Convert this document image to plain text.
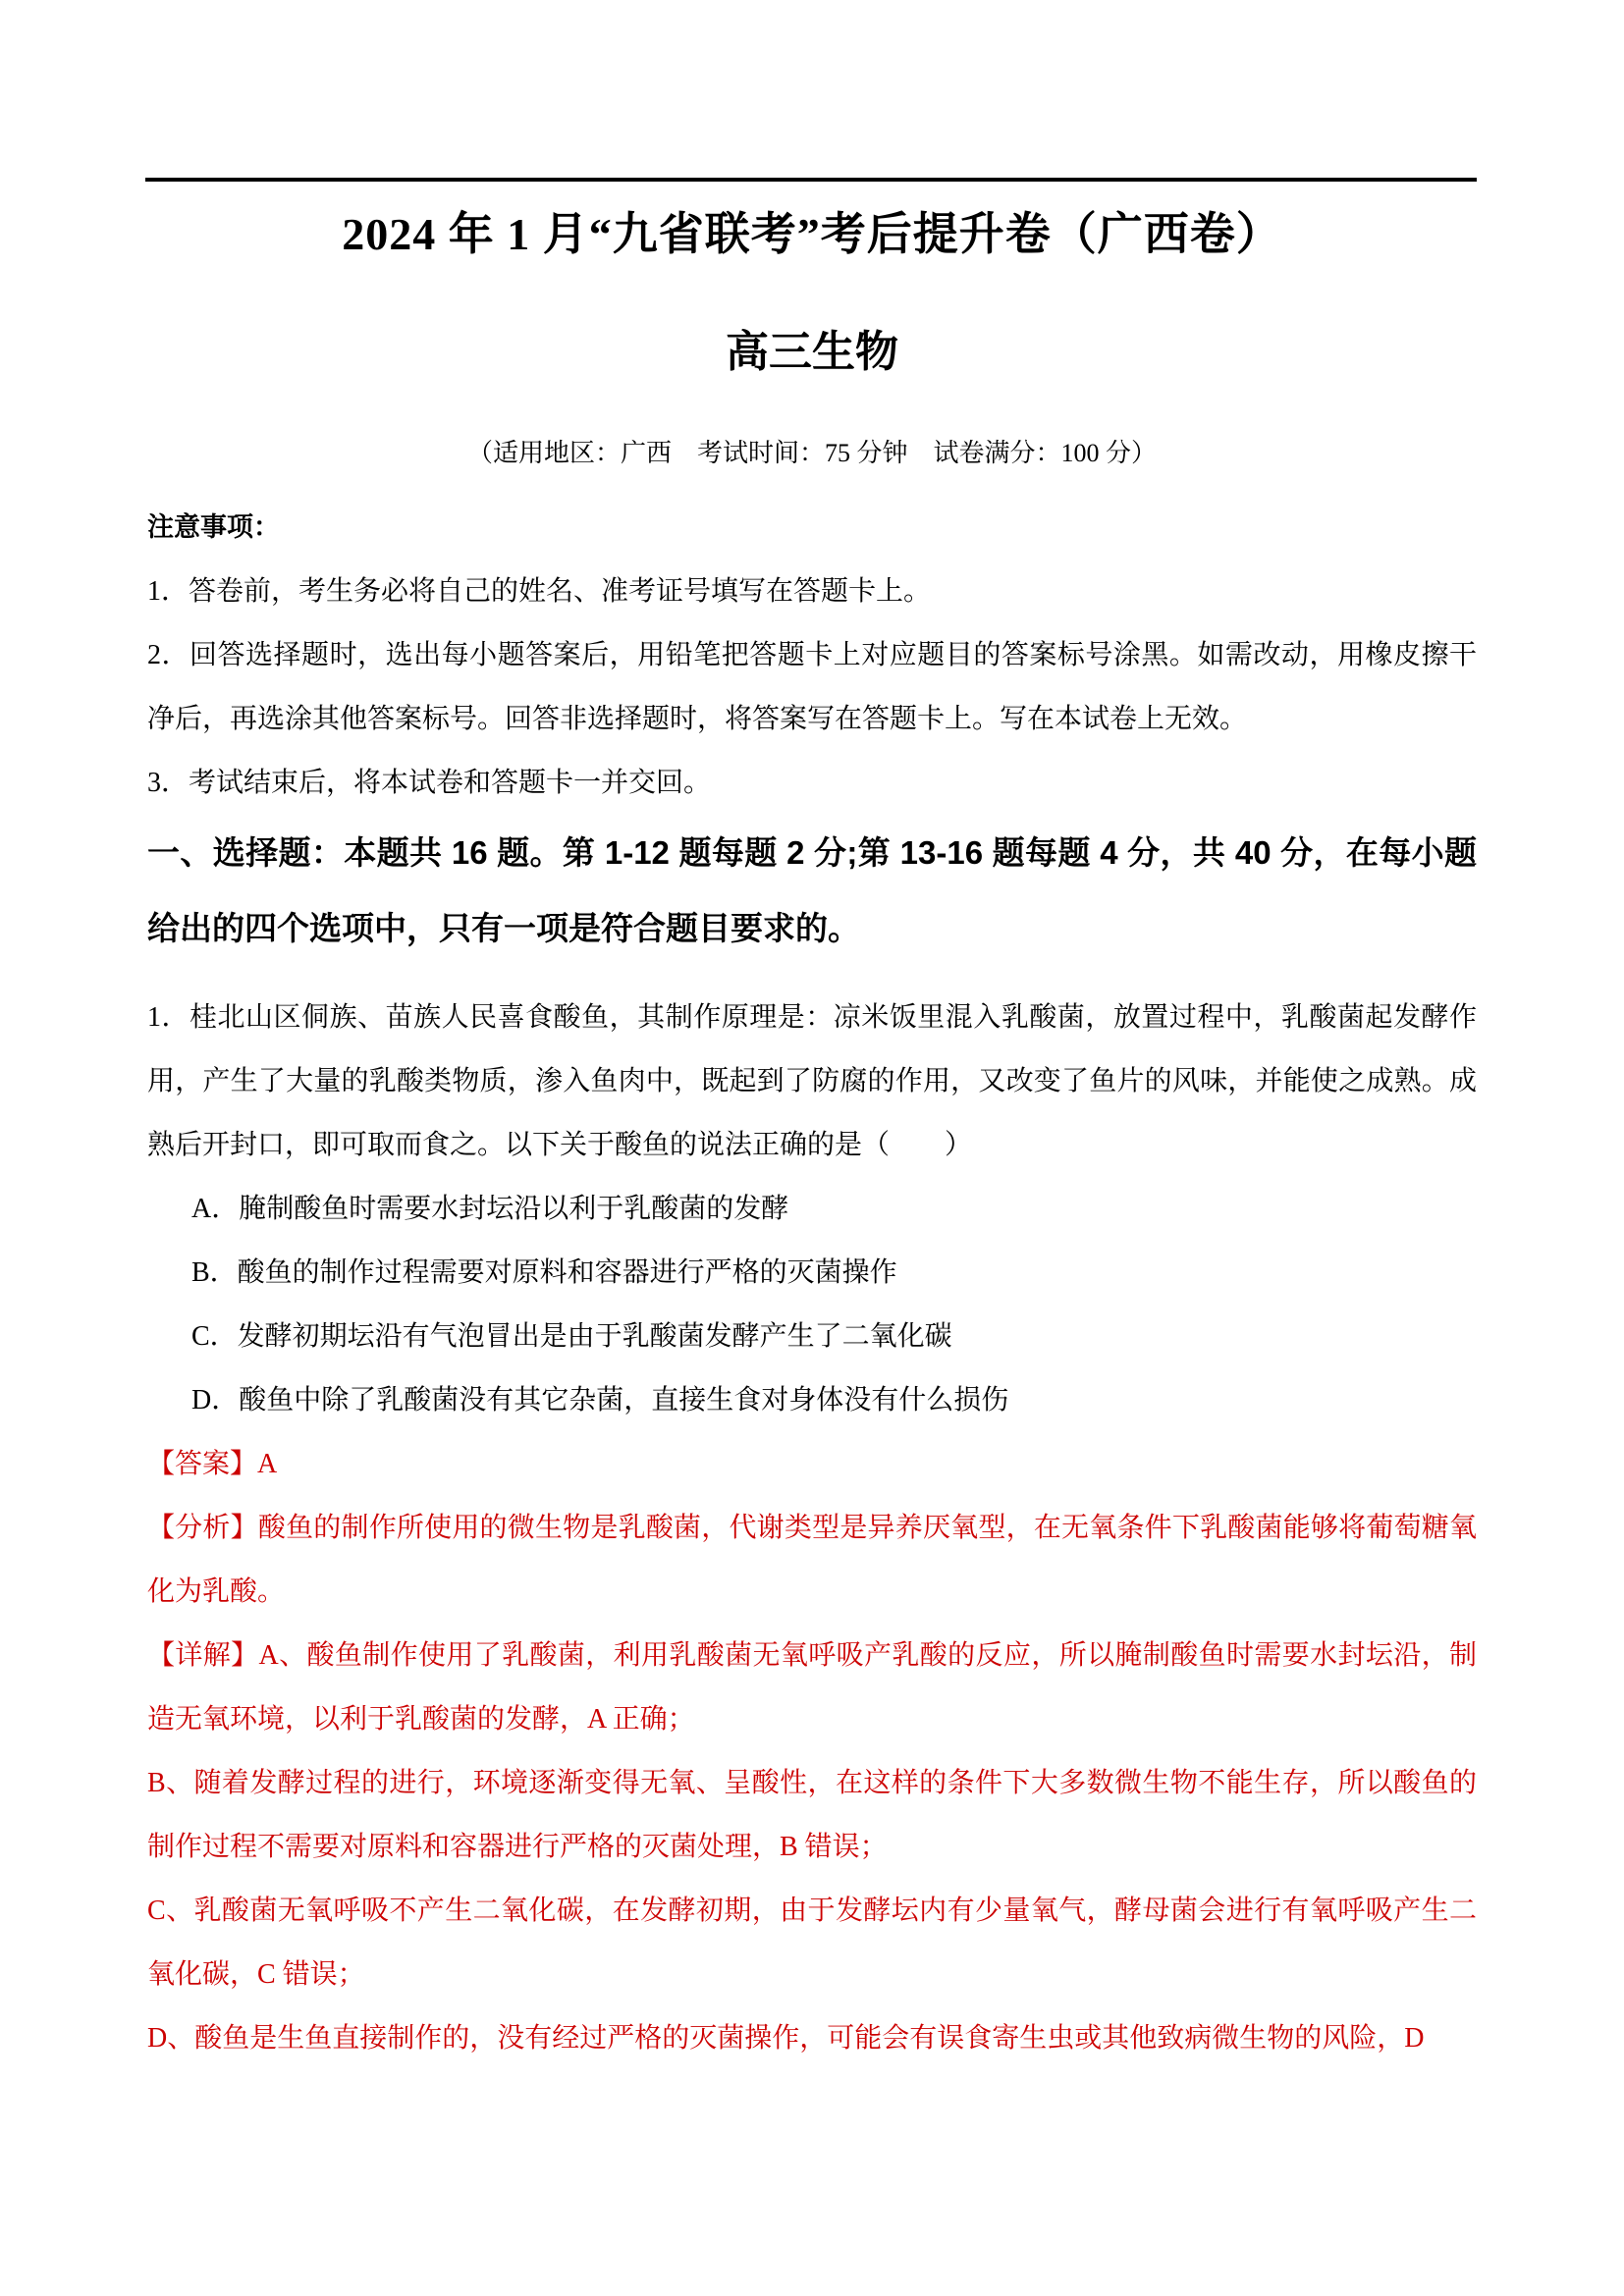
2024 年 1 月“九省联考”考后提升卷（广西卷）
高三生物

（适用地区：广西　考试时间：75 分钟　试卷满分：100 分）

注意事项：

1．答卷前，考生务必将自己的姓名、准考证号填写在答题卡上。

2．回答选择题时，选出每小题答案后，用铅笔把答题卡上对应题目的答案标号涂黑。如需改动，用橡皮擦干净后，再选涂其他答案标号。回答非选择题时，将答案写在答题卡上。写在本试卷上无效。

3．考试结束后，将本试卷和答题卡一并交回。

一、选择题：本题共 16 题。第 1-12 题每题 2 分;第 13-16 题每题 4 分，共 40 分，在每小题给出的四个选项中，只有一项是符合题目要求的。

1．桂北山区侗族、苗族人民喜食酸鱼，其制作原理是：凉米饭里混入乳酸菌，放置过程中，乳酸菌起发酵作用，产生了大量的乳酸类物质，渗入鱼肉中，既起到了防腐的作用，又改变了鱼片的风味，并能使之成熟。成熟后开封口，即可取而食之。以下关于酸鱼的说法正确的是（　　）

A．腌制酸鱼时需要水封坛沿以利于乳酸菌的发酵

B．酸鱼的制作过程需要对原料和容器进行严格的灭菌操作

C．发酵初期坛沿有气泡冒出是由于乳酸菌发酵产生了二氧化碳

D．酸鱼中除了乳酸菌没有其它杂菌，直接生食对身体没有什么损伤

【答案】A

【分析】酸鱼的制作所使用的微生物是乳酸菌，代谢类型是异养厌氧型，在无氧条件下乳酸菌能够将葡萄糖氧化为乳酸。

【详解】A、酸鱼制作使用了乳酸菌，利用乳酸菌无氧呼吸产乳酸的反应，所以腌制酸鱼时需要水封坛沿，制造无氧环境，以利于乳酸菌的发酵，A 正确；

B、随着发酵过程的进行，环境逐渐变得无氧、呈酸性，在这样的条件下大多数微生物不能生存，所以酸鱼的制作过程不需要对原料和容器进行严格的灭菌处理，B 错误；

C、乳酸菌无氧呼吸不产生二氧化碳，在发酵初期，由于发酵坛内有少量氧气，酵母菌会进行有氧呼吸产生二氧化碳，C 错误；

D、酸鱼是生鱼直接制作的，没有经过严格的灭菌操作，可能会有误食寄生虫或其他致病微生物的风险，D
